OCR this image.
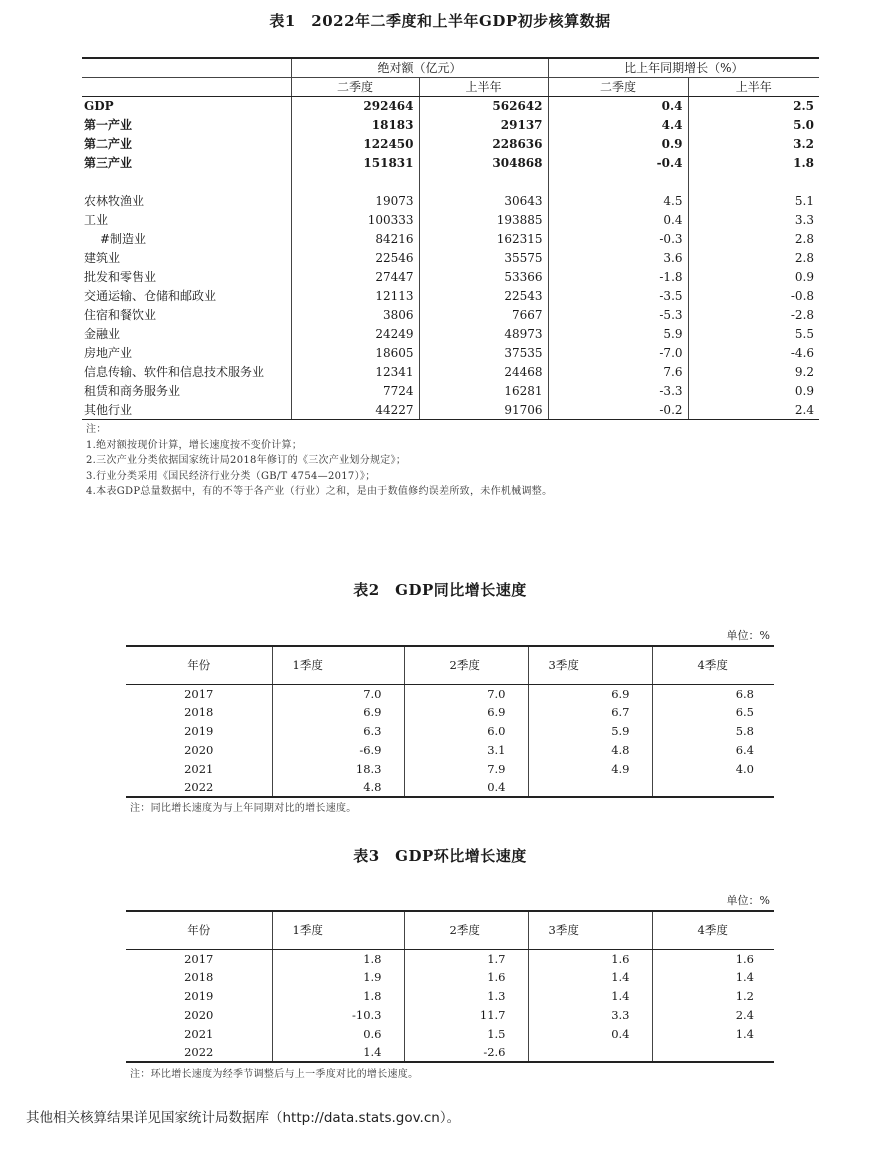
表1　2022年二季度和上半年GDP初步核算数据
	绝对额（亿元）		比上年同期增长（%）	
	二季度	上半年	二季度	上半年
GDP	292464	562642	0.4	2.5
第一产业	18183	29137	4.4	5.0
第二产业	122450	228636	0.9	3.2
第三产业	151831	304868	-0.4	1.8

农林牧渔业	19073	30643	4.5	5.1
工业	100333	193885	0.4	3.3
#制造业	84216	162315	-0.3	2.8
建筑业	22546	35575	3.6	2.8
批发和零售业	27447	53366	-1.8	0.9
交通运输、仓储和邮政业	12113	22543	-3.5	-0.8
住宿和餐饮业	3806	7667	-5.3	-2.8
金融业	24249	48973	5.9	5.5
房地产业	18605	37535	-7.0	-4.6
信息传输、软件和信息技术服务业	12341	24468	7.6	9.2
租赁和商务服务业	7724	16281	-3.3	0.9
其他行业	44227	91706	-0.2	2.4
注：
1.绝对额按现价计算，增长速度按不变价计算；
2.三次产业分类依据国家统计局2018年修订的《三次产业划分规定》；
3.行业分类采用《国民经济行业分类（GB/T 4754—2017）》；
4.本表GDP总量数据中，有的不等于各产业（行业）之和，是由于数值修约误差所致，未作机械调整。
表2　GDP同比增长速度
单位：%
年份	1季度	2季度	3季度	4季度
2017	7.0	7.0	6.9	6.8
2018	6.9	6.9	6.7	6.5
2019	6.3	6.0	5.9	5.8
2020	-6.9	3.1	4.8	6.4
2021	18.3	7.9	4.9	4.0
2022	4.8	0.4		
注：同比增长速度为与上年同期对比的增长速度。
表3　GDP环比增长速度
单位：%
年份	1季度	2季度	3季度	4季度
2017	1.8	1.7	1.6	1.6
2018	1.9	1.6	1.4	1.4
2019	1.8	1.3	1.4	1.2
2020	-10.3	11.7	3.3	2.4
2021	0.6	1.5	0.4	1.4
2022	1.4	-2.6		
注：环比增长速度为经季节调整后与上一季度对比的增长速度。
其他相关核算结果详见国家统计局数据库（http://data.stats.gov.cn）。
